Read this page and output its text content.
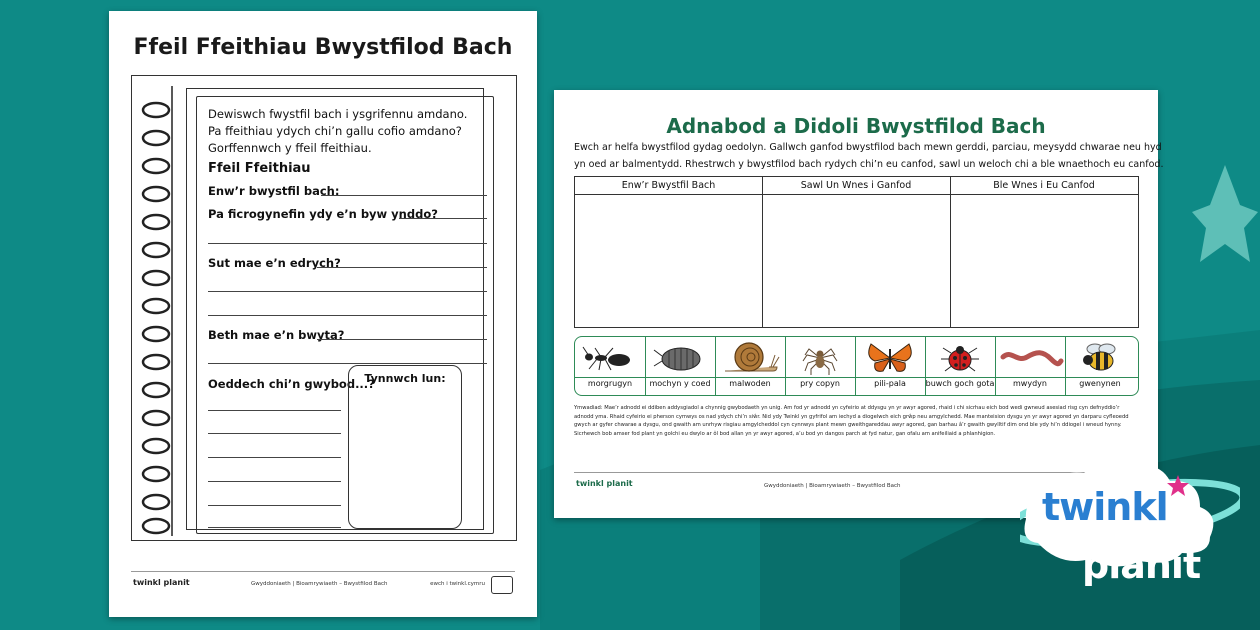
Ffeil Ffeithiau Bwystfilod Bach
Dewiswch fwystfil bach i ysgrifennu amdano.
Pa ffeithiau ydych chi’n gallu cofio amdano?
Gorffennwch y ffeil ffeithiau.
Ffeil Ffeithiau
Enw’r bwystfil bach:
Pa ficrogynefin ydy e’n byw ynddo?
Sut mae e’n edrych?
Beth mae e’n bwyta?
Oeddech chi’n gwybod...?
Tynnwch lun:
twinkl planit	Gwyddoniaeth | Bioamrywiaeth – Bwystfilod Bach	ewch i twinkl.cymru
Adnabod a Didoli Bwystfilod Bach
Ewch ar helfa bwystfilod gydag oedolyn. Gallwch ganfod bwystfilod bach mewn gerddi, parciau, meysydd chwarae neu hyd
yn oed ar balmentydd. Rhestrwch y bwystfilod bach rydych chi’n eu canfod, sawl un weloch chi a ble wnaethoch eu canfod.
Enw’r Bwystfil Bach	Sawl Un Wnes i Ganfod	Ble Wnes i Eu Canfod
morgrugyn	mochyn y coed	malwoden	pry copyn	pili-pala	buwch goch gota	mwydyn	gwenynen
Ymwadiad: Mae’r adnodd ei ddiben addysgiadol a chynnig gwybodaeth yn unig. Am fod yr adnodd yn cyfeirio at ddysgu yn yr awyr agored, rhaid i chi sicrhau eich bod wedi gwneud asesiad risg cyn defnyddio’r adnodd yma. Rhaid cyfeirio ei pherson cymwys os nad ydych chi’n siŵr. Nid ydy Twinkl yn gyfrifol am iechyd a diogelwch eich grŵp neu amgylchedd. Mae manteision dysgu yn yr awyr agored yn darparu cyfleoedd gwych ar gyfer chwarae a dysgu, ond gwaith am unrhyw risgiau amgylcheddol cyn cynnwys plant mewn gweithgareddau awyr agored, gan barhau â’r gwaith gwylltif dim ond ble ydy hi’n ddiogel i wneud hynny. Sicrhewch bob amser fod plant yn golchi eu dwylo ar ôl bod allan yn yr awyr agored, a’u bod yn dangos parch at fyd natur, gan ofalu am anifeiliaid a phlanhigion.
twinkl planit	Gwyddoniaeth | Bioamrywiaeth – Bwystfilod Bach	twinkl
planit
